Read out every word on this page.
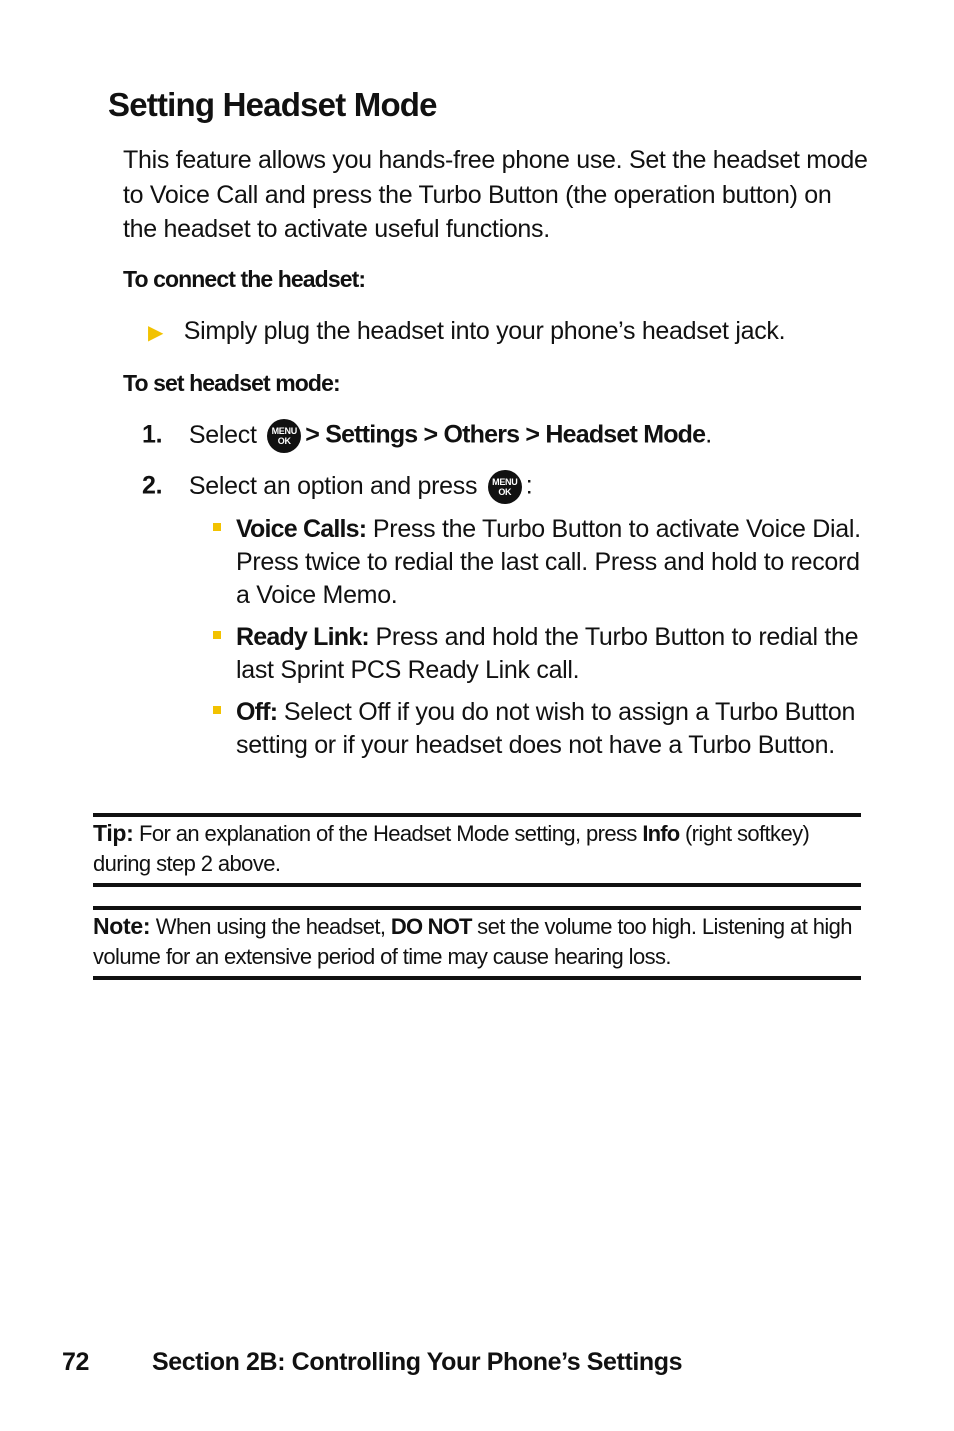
Setting Headset Mode

This feature allows you hands-free phone use. Set the headset mode to Voice Call and press the Turbo Button (the operation button) on the headset to activate useful functions.

To connect the headset:

▶ Simply plug the headset into your phone’s headset jack.

To set headset mode:

1. Select MENU
OK > Settings > Others > Headset Mode.
2. Select an option and press MENU
OK :
Voice Calls: Press the Turbo Button to activate Voice Dial. Press twice to redial the last call. Press and hold to record a Voice Memo.
Ready Link: Press and hold the Turbo Button to redial the last Sprint PCS Ready Link call.
Off: Select Off if you do not wish to assign a Turbo Button setting or if your headset does not have a Turbo Button.
Tip: For an explanation of the Headset Mode setting, press Info (right softkey) during step 2 above.
Note: When using the headset, DO NOT set the volume too high. Listening at high volume for an extensive period of time may cause hearing loss.
72	Section 2B: Controlling Your Phone’s Settings
